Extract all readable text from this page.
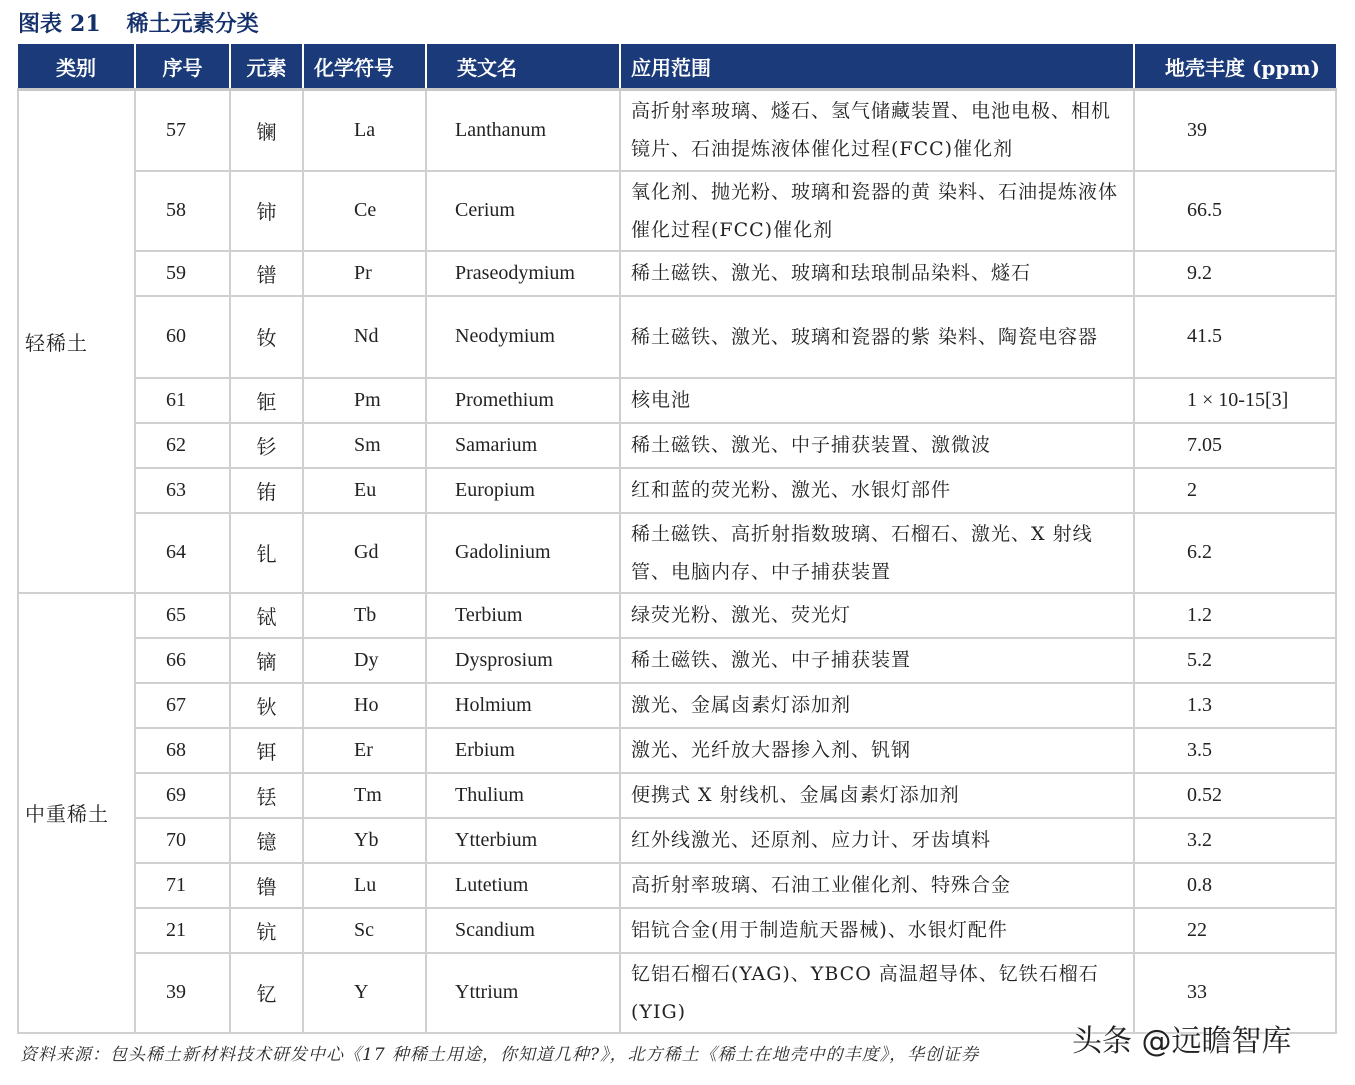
图表 21 稀土元素分类
类别	序号	元素	化学符号	英文名	应用范围	地壳丰度 (ppm)
轻稀土	57	镧	La	Lanthanum	高折射率玻璃、燧石、氢气储藏装置、电池电极、相机镜片、石油提炼液体催化过程(FCC)催化剂	39
	58	铈	Ce	Cerium	氧化剂、抛光粉、玻璃和瓷器的黄 染料、石油提炼液体催化过程(FCC)催化剂	66.5
	59	镨	Pr	Praseodymium	稀土磁铁、激光、玻璃和珐琅制品染料、燧石	9.2
	60	钕	Nd	Neodymium	稀土磁铁、激光、玻璃和瓷器的紫 染料、陶瓷电容器	41.5
	61	钷	Pm	Promethium	核电池	1 × 10-15[3]
	62	钐	Sm	Samarium	稀土磁铁、激光、中子捕获装置、激微波	7.05
	63	铕	Eu	Europium	红和蓝的荧光粉、激光、水银灯部件	2
	64	钆	Gd	Gadolinium	稀土磁铁、高折射指数玻璃、石榴石、激光、X 射线管、电脑内存、中子捕获装置	6.2
中重稀土	65	铽	Tb	Terbium	绿荧光粉、激光、荧光灯	1.2
	66	镝	Dy	Dysprosium	稀土磁铁、激光、中子捕获装置	5.2
	67	钬	Ho	Holmium	激光、金属卤素灯添加剂	1.3
	68	铒	Er	Erbium	激光、光纤放大器掺入剂、钒钢	3.5
	69	铥	Tm	Thulium	便携式 X 射线机、金属卤素灯添加剂	0.52
	70	镱	Yb	Ytterbium	红外线激光、还原剂、应力计、牙齿填料	3.2
	71	镥	Lu	Lutetium	高折射率玻璃、石油工业催化剂、特殊合金	0.8
	21	钪	Sc	Scandium	铝钪合金(用于制造航天器械)、水银灯配件	22
	39	钇	Y	Yttrium	钇铝石榴石(YAG)、YBCO 高温超导体、钇铁石榴石(YIG)	33
资料来源：包头稀土新材料技术研发中心《17 种稀土用途，你知道几种?》，北方稀土《稀土在地壳中的丰度》，华创证券	头条 @远瞻智库
